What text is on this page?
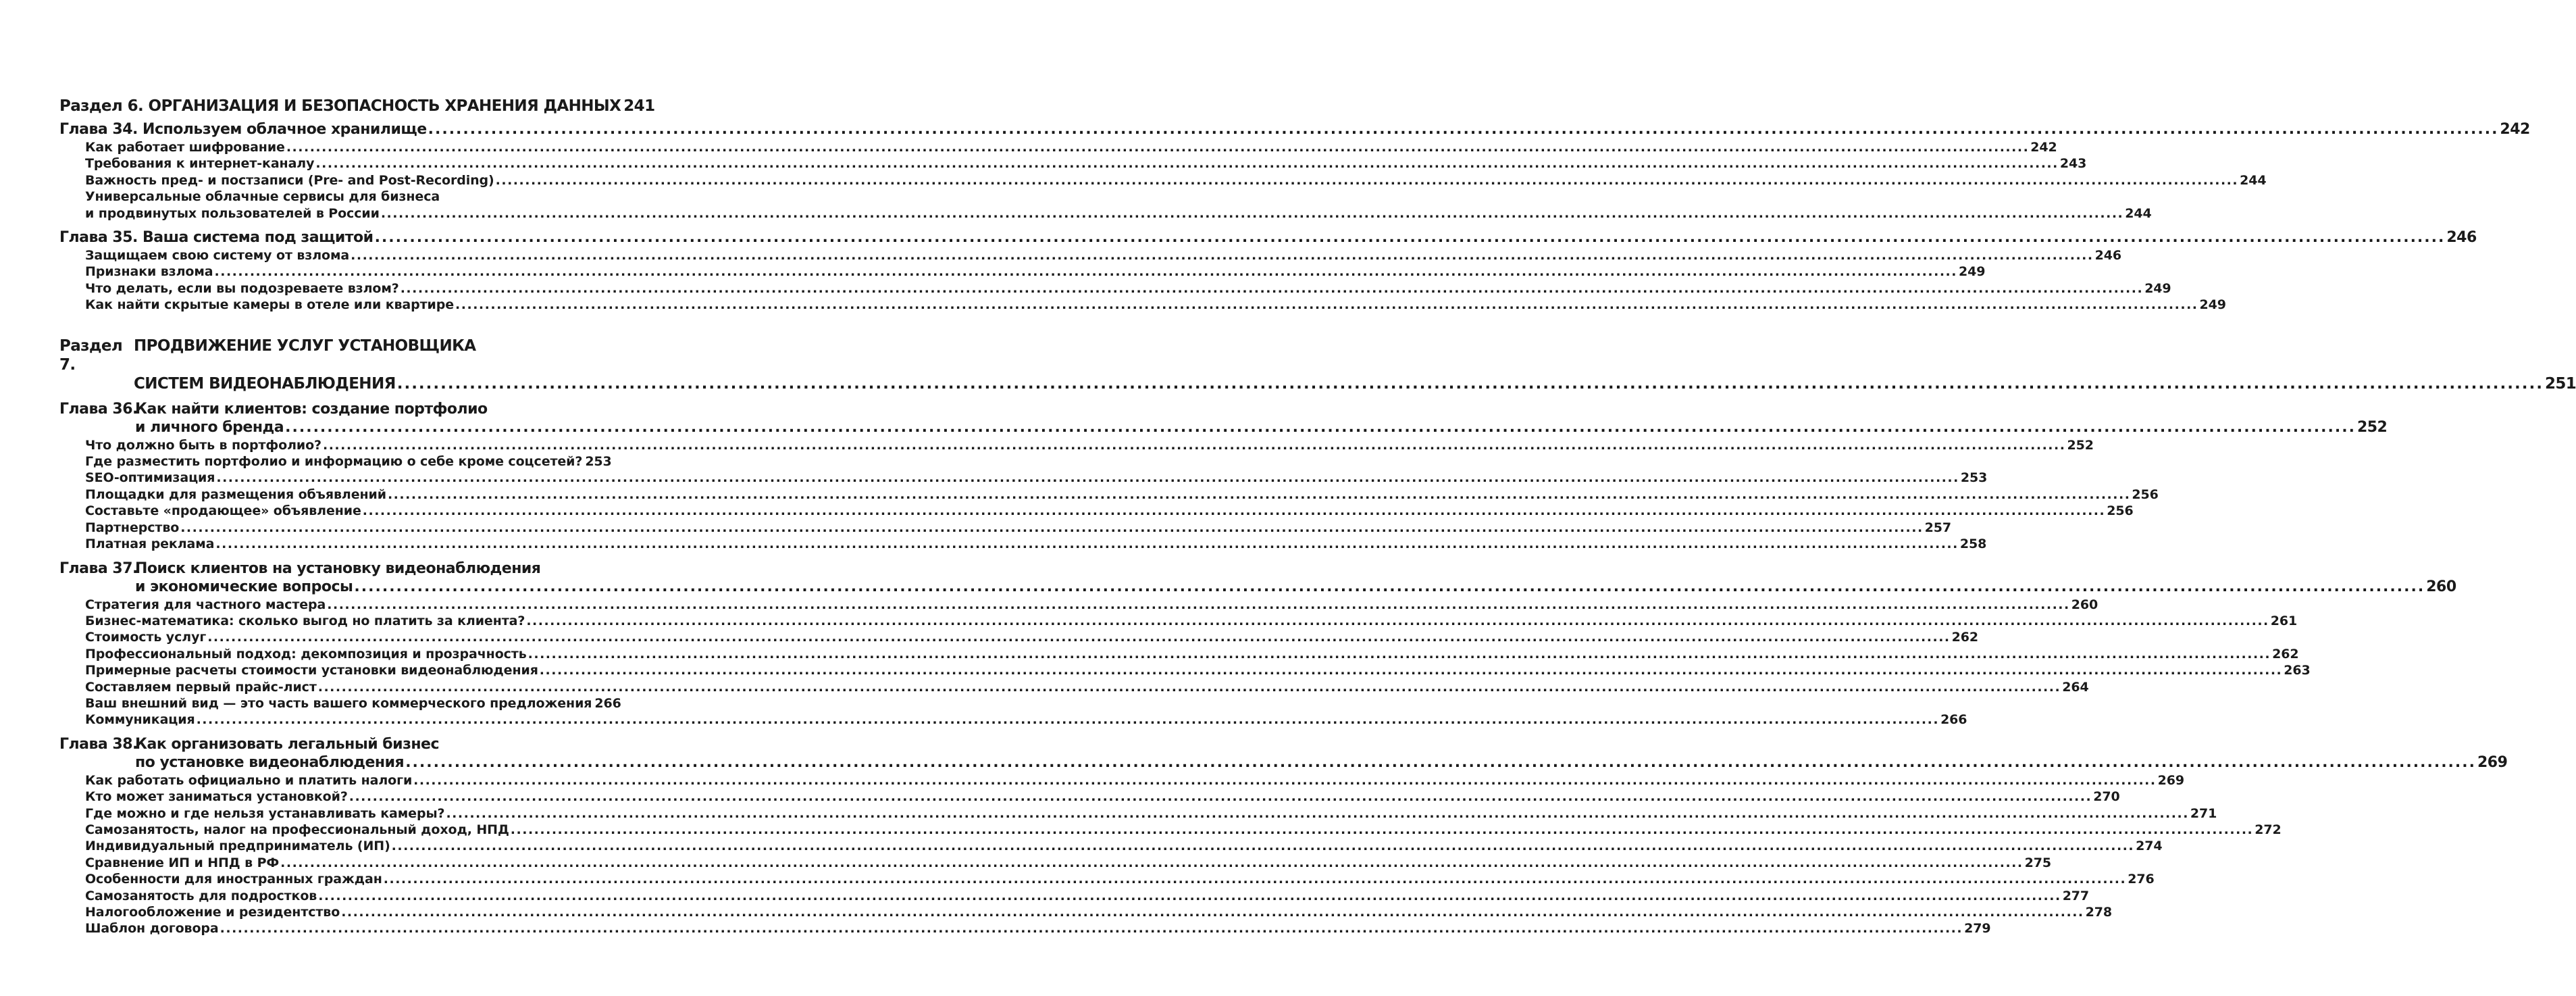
Раздел 6. ОРГАНИЗАЦИЯ И БЕЗОПАСНОСТЬ ХРАНЕНИЯ ДАННЫХ 241
Глава 34. Используем облачное хранилище .....	242
Как работает шифрование .....	242
Требования к интернет-каналу .....	243
Важность пред- и постзаписи (Pre- and Post-Recording) .....	244
Универсальные облачные сервисы для бизнеса
и продвинутых пользователей в России .....	244
Глава 35. Ваша система под защитой .....	246
Защищаем свою систему от взлома .....	246
Признаки взлома .....	249
Что делать, если вы подозреваете взлом? .....	249
Как найти скрытые камеры в отеле или квартире .....	249
Раздел 7.
ПРОДВИЖЕНИЕ УСЛУГ УСТАНОВЩИКА
СИСТЕМ ВИДЕОНАБЛЮДЕНИЯ .....	251
Глава 36.
Как найти клиентов: создание портфолио
и личного бренда .....	252
Что должно быть в портфолио? .....	252
Где разместить портфолио и информацию о себе кроме соцсетей? 253
SEO-оптимизация .....	253
Площадки для размещения объявлений .....	256
Составьте «продающее» объявление .....	256
Партнерство .....	257
Платная реклама .....	258
Глава 37.
Поиск клиентов на установку видеонаблюдения
и экономические вопросы .....	260
Стратегия для частного мастера .....	260
Бизнес-математика: сколько выгод но платить за клиента? .....	261
Стоимость услуг .....	262
Профессиональный подход: декомпозиция и прозрачность .....	262
Примерные расчеты стоимости установки видеонаблюдения .....	263
Составляем первый прайс-лист .....	264
Ваш внешний вид — это часть вашего коммерческого предложения 266
Коммуникация .....	266
Глава 38.
Как организовать легальный бизнес
по установке видеонаблюдения .....	269
Как работать официально и платить налоги .....	269
Кто может заниматься установкой? .....	270
Где можно и где нельзя устанавливать камеры? .....	271
Самозанятость, налог на профессиональный доход, НПД .....	272
Индивидуальный предприниматель (ИП) .....	274
Сравнение ИП и НПД в РФ .....	275
Особенности для иностранных граждан .....	276
Самозанятость для подростков .....	277
Налогообложение и резидентство .....	278
Шаблон договора .....	279
